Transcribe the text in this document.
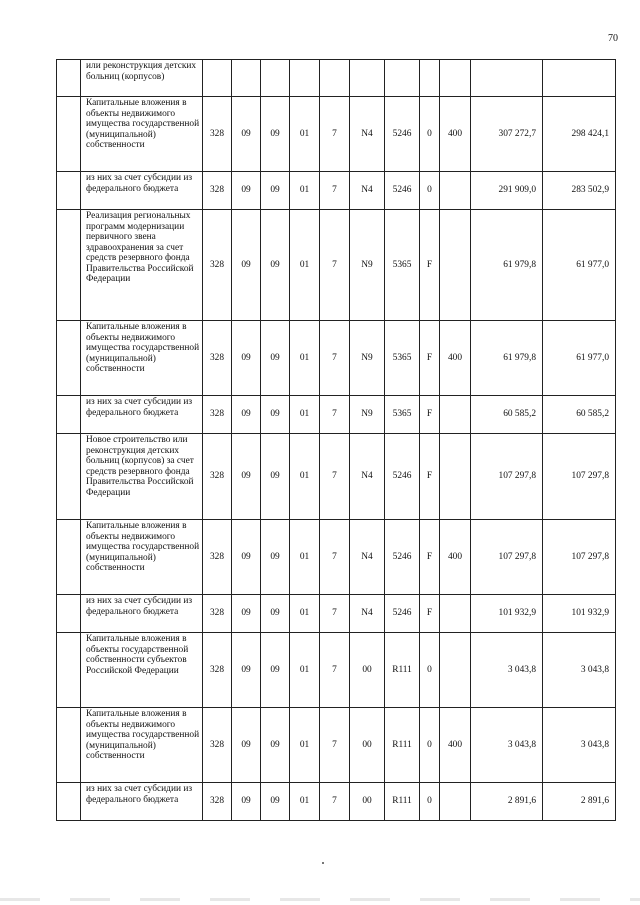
70
	или реконструкция детских больниц (корпусов)											
	Капитальные вложения в объекты недвижимого имущества государственной (муниципальной) собственности	328	09	09	01	7	N4	5246	0	400	307 272,7	298 424,1
	из них за счет субсидии из федерального бюджета	328	09	09	01	7	N4	5246	0		291 909,0	283 502,9
	Реализация региональных программ модернизации первичного звена здравоохранения за счет средств резервного фонда Правительства Российской Федерации	328	09	09	01	7	N9	5365	F		61 979,8	61 977,0
	Капитальные вложения в объекты недвижимого имущества государственной (муниципальной) собственности	328	09	09	01	7	N9	5365	F	400	61 979,8	61 977,0
	из них за счет субсидии из федерального бюджета	328	09	09	01	7	N9	5365	F		60 585,2	60 585,2
	Новое строительство или реконструкция детских больниц (корпусов) за счет средств резервного фонда Правительства Российской Федерации	328	09	09	01	7	N4	5246	F		107 297,8	107 297,8
	Капитальные вложения в объекты недвижимого имущества государственной (муниципальной) собственности	328	09	09	01	7	N4	5246	F	400	107 297,8	107 297,8
	из них за счет субсидии из федерального бюджета	328	09	09	01	7	N4	5246	F		101 932,9	101 932,9
	Капитальные вложения в объекты государственной собственности субъектов Российской Федерации	328	09	09	01	7	00	R111	0		3 043,8	3 043,8
	Капитальные вложения в объекты недвижимого имущества государственной (муниципальной) собственности	328	09	09	01	7	00	R111	0	400	3 043,8	3 043,8
	из них за счет субсидии из федерального бюджета	328	09	09	01	7	00	R111	0		2 891,6	2 891,6
